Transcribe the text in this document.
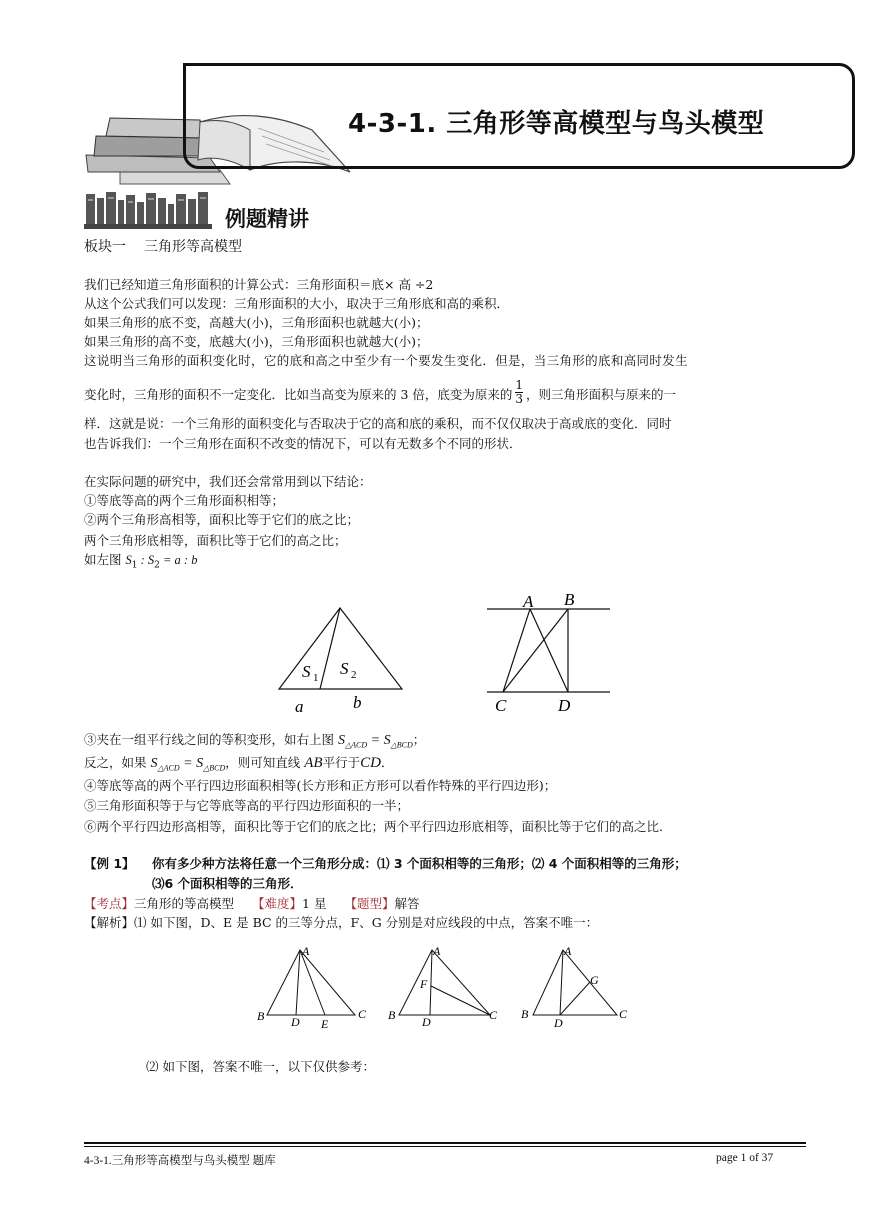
4-3-1. 三角形等高模型与鸟头模型
例题精讲
板块一 三角形等高模型
我们已经知道三角形面积的计算公式：三角形面积＝底× 高 ÷2
从这个公式我们可以发现：三角形面积的大小，取决于三角形底和高的乘积．
如果三角形的底不变，高越大(小)，三角形面积也就越大(小)；
如果三角形的高不变，底越大(小)，三角形面积也就越大(小)；
这说明当三角形的面积变化时，它的底和高之中至少有一个要发生变化．但是，当三角形的底和高同时发生
变化时，三角形的面积不一定变化．比如当高变为原来的 3 倍，底变为原来的 $\frac{1}{3}$ ，则三角形面积与原来的一
样．这就是说：一个三角形的面积变化与否取决于它的高和底的乘积，而不仅仅取决于高或底的变化．同时
也告诉我们：一个三角形在面积不改变的情况下，可以有无数多个不同的形状．
在实际问题的研究中，我们还会常常用到以下结论：
①等底等高的两个三角形面积相等；
②两个三角形高相等，面积比等于它们的底之比；
两个三角形底相等，面积比等于它们的高之比；
如左图 $S_1$ : $S_2 = a$ : b
S 1 S 2
a	b
A B
C	D
③夹在一组平行线之间的等积变形，如右上图 $S_{\triangle ACD} = S_{\triangle BCD}$；
反之，如果 $S_{\triangle ACD} = S_{\triangle BCD}$，则可知直线 AB平行于CD．
④等底等高的两个平行四边形面积相等(长方形和正方形可以看作特殊的平行四边形)；
⑤三角形面积等于与它等底等高的平行四边形面积的一半；
⑥两个平行四边形高相等，面积比等于它们的底之比；两个平行四边形底相等，面积比等于它们的高之比．
【例 1】 你有多少种方法将任意一个三角形分成：⑴ 3 个面积相等的三角形；⑵ 4 个面积相等的三角形；
⑶6 个面积相等的三角形．
【考点】三角形的等高模型 【难度】1 星 【题型】解答
【解析】⑴ 如下图，D、E 是 BC 的三等分点，F、G 分别是对应线段的中点，答案不唯一：
A
B	C
D E
A
B	C
D
F
A
B	C
D
G
⑵ 如下图，答案不唯一，以下仅供参考：
4-3-1.三角形等高模型与鸟头模型 题库	page 1 of 37
